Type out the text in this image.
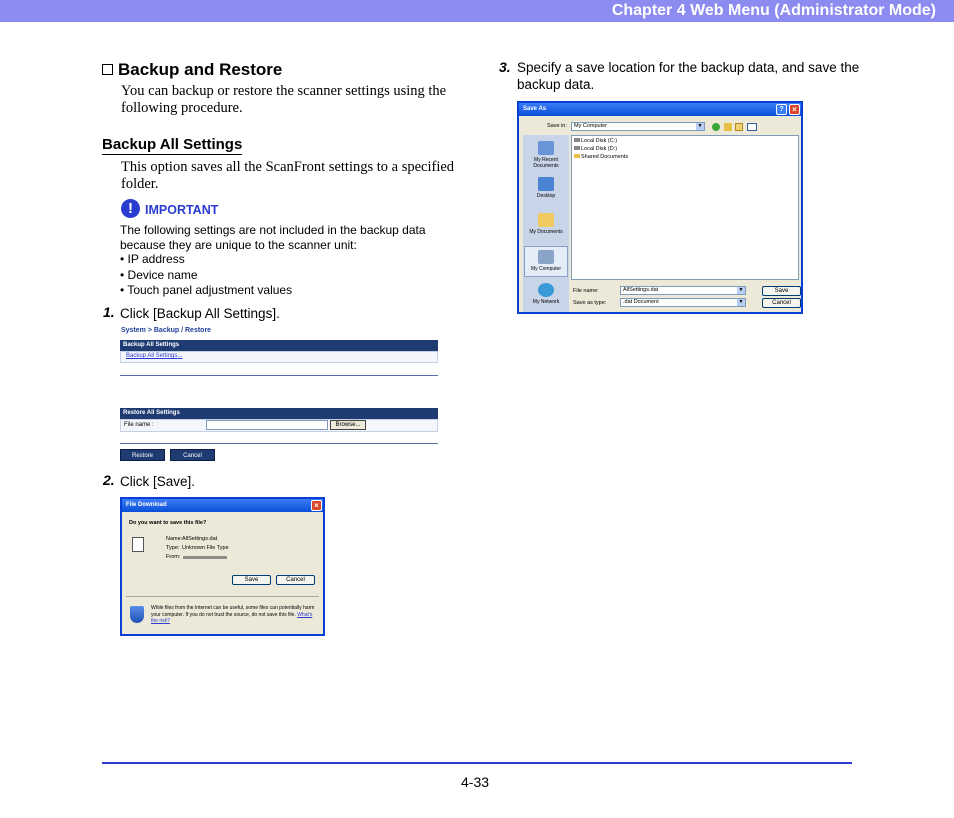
Chapter 4 Web Menu (Administrator Mode)
Backup and Restore
You can backup or restore the scanner settings using the following procedure.
Backup All Settings
This option saves all the ScanFront settings to a specified folder.
! IMPORTANT
The following settings are not included in the backup data because they are unique to the scanner unit:
• IP address
• Device name
• Touch panel adjustment values
1. Click [Backup All Settings].
System > Backup / Restore
Backup All Settings
Backup All Settings...
Restore All Settings
File name :	Browse...
Restore	Cancel
2. Click [Save].
File Download	×
Do you want to save this file?
Name: AllSettings.dat
Type: Unknown File Type
From:
Save	Cancel
While files from the Internet can be useful, some files can potentially harm your computer. If you do not trust the source, do not save this file. What's the risk?
3. Specify a save location for the backup data, and save the backup data.
Save As	?	×
Save in:	My Computer	▼
My Recent Documents
Desktop
My Documents
My Computer
My Network
Local Disk (C:)
Local Disk (D:)
Shared Documents
File name:	AllSettings.dat	▼
Save as type:	.dat Document	▼
Save
Cancel
4-33
